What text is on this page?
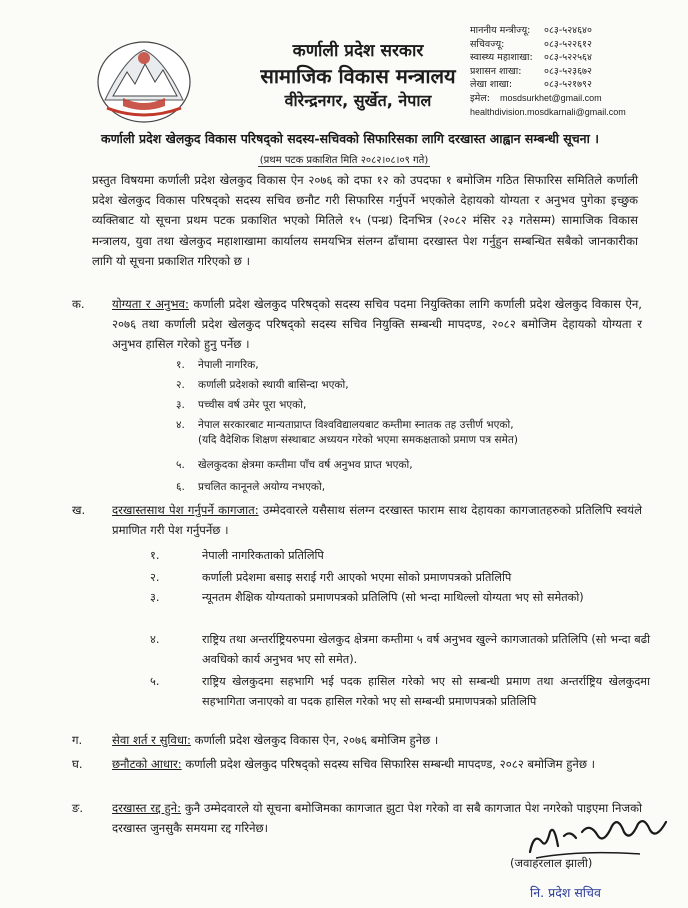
कर्णाली प्रदेश सरकार
सामाजिक विकास मन्त्रालय
वीरेन्द्रनगर, सुर्खेत, नेपाल
माननीय मन्त्रीज्यू:	०८३-५२४६४०
सचिवज्यू:	०८३-५२२६१२
स्वास्थ्य महाशाखा:	०८३-५२२५६४
प्रशासन शाखा:	०८३-५२३६७२
लेखा शाखा:	०८३-५२१७९२
इमेल:	mosdsurkhet@gmail.com
healthdivision.mosdkarnali@gmail.com
कर्णाली प्रदेश खेलकुद विकास परिषद्को सदस्य-सचिवको सिफारिसका लागि दरखास्त आह्वान सम्बन्धी सूचना ।
(प्रथम पटक प्रकाशित मिति २०८२।०८।०९ गते)
प्रस्तुत विषयमा कर्णाली प्रदेश खेलकुद विकास ऐन २०७६ को दफा १२ को उपदफा १ बमोजिम गठित सिफारिस समितिले कर्णाली प्रदेश खेलकुद विकास परिषद्को सदस्य सचिव छनौट गरी सिफारिस गर्नुपर्ने भएकोले देहायको योग्यता र अनुभव पुगेका इच्छुक व्यक्तिबाट यो सूचना प्रथम पटक प्रकाशित भएको मितिले १५ (पन्ध्र) दिनभित्र (२०८२ मंसिर २३ गतेसम्म) सामाजिक विकास मन्त्रालय, युवा तथा खेलकुद महाशाखामा कार्यालय समयभित्र संलग्न ढाँचामा दरखास्त पेश गर्नुहुन सम्बन्धित सबैको जानकारीका लागि यो सूचना प्रकाशित गरिएको छ ।
क. योग्यता र अनुभव: कर्णाली प्रदेश खेलकुद परिषद्को सदस्य सचिव पदमा नियुक्तिका लागि कर्णाली प्रदेश खेलकुद विकास ऐन, २०७६ तथा कर्णाली प्रदेश खेलकुद परिषद्को सदस्य सचिव नियुक्ति सम्बन्धी मापदण्ड, २०८२ बमोजिम देहायको योग्यता र अनुभव हासिल गरेको हुनु पर्नेछ ।
१. नेपाली नागरिक,
२. कर्णाली प्रदेशको स्थायी बासिन्दा भएको,
३. पच्चीस वर्ष उमेर पूरा भएको,
४. नेपाल सरकारबाट मान्यताप्राप्त विश्वविद्यालयबाट कम्तीमा स्नातक तह उत्तीर्ण भएको,
(यदि वैदेशिक शिक्षण संस्थाबाट अध्ययन गरेको भएमा समकक्षताको प्रमाण पत्र समेत)
५. खेलकुदका क्षेत्रमा कम्तीमा पाँच वर्ष अनुभव प्राप्त भएको,
६. प्रचलित कानूनले अयोग्य नभएको,
ख. दरखास्तसाथ पेश गर्नुपर्ने कागजात: उम्मेदवारले यसैसाथ संलग्न दरखास्त फाराम साथ देहायका कागजातहरुको प्रतिलिपि स्वयंले प्रमाणित गरी पेश गर्नुपर्नेछ ।
१.	नेपाली नागरिकताको प्रतिलिपि
२.	कर्णाली प्रदेशमा बसाइ सराई गरी आएको भएमा सोको प्रमाणपत्रको प्रतिलिपि
३.	न्यूनतम शैक्षिक योग्यताको प्रमाणपत्रको प्रतिलिपि (सो भन्दा माथिल्लो योग्यता भए सो समेतको)
४.	राष्ट्रिय तथा अन्तर्राष्ट्रियरुपमा खेलकुद क्षेत्रमा कम्तीमा ५ वर्ष अनुभव खुल्ने कागजातको प्रतिलिपि (सो भन्दा बढी अवधिको कार्य अनुभव भए सो समेत).
५.	राष्ट्रिय खेलकुदमा सहभागि भई पदक हासिल गरेको भए सो सम्बन्धी प्रमाण तथा अन्तर्राष्ट्रिय खेलकुदमा सहभागिता जनाएको वा पदक हासिल गरेको भए सो सम्बन्धी प्रमाणपत्रको प्रतिलिपि
ग.	सेवा शर्त र सुविधा: कर्णाली प्रदेश खेलकुद विकास ऐन, २०७६ बमोजिम हुनेछ ।
घ.	छनौटको आधार: कर्णाली प्रदेश खेलकुद परिषद्को सदस्य सचिव सिफारिस सम्बन्धी मापदण्ड, २०८२ बमोजिम हुनेछ ।
ङ. दरखास्त रद्द हुने: कुनै उम्मेदवारले यो सूचना बमोजिमका कागजात झुटा पेश गरेको वा सबै कागजात पेश नगरेको पाइएमा निजको दरखास्त जुनसुकै समयमा रद्द गरिनेछ।
(जवाहरलाल झाली)
नि. प्रदेश सचिव
